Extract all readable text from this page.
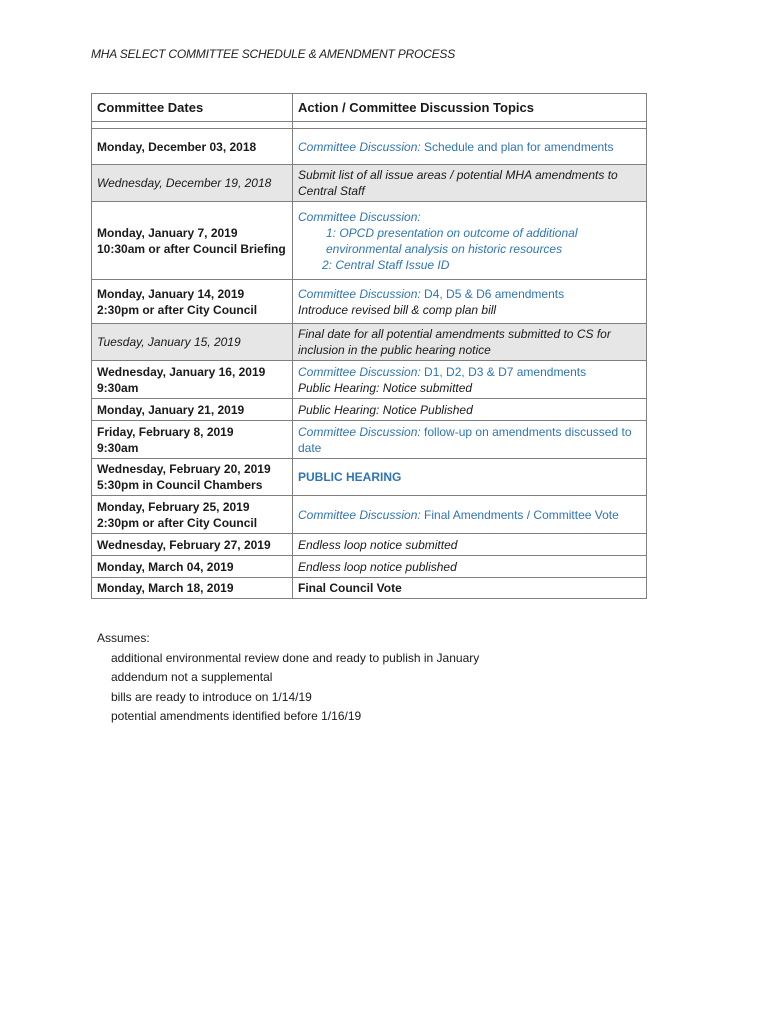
MHA SELECT COMMITTEE SCHEDULE & AMENDMENT PROCESS
Committee Dates	Action / Committee Discussion Topics

Monday, December 03, 2018	Committee Discussion: Schedule and plan for amendments
Wednesday, December 19, 2018	Submit list of all issue areas / potential MHA amendments to Central Staff
Monday, January 7, 2019
10:30am or after Council Briefing	Committee Discussion:
1: OPCD presentation on outcome of additional environmental analysis on historic resources
2: Central Staff Issue ID

Monday, January 14, 2019
2:30pm or after City Council	Committee Discussion: D4, D5 & D6 amendments
Introduce revised bill & comp plan bill
Tuesday, January 15, 2019	Final date for all potential amendments submitted to CS for inclusion in the public hearing notice
Wednesday, January 16, 2019
9:30am	Committee Discussion: D1, D2, D3 & D7 amendments
Public Hearing: Notice submitted
Monday, January 21, 2019	Public Hearing: Notice Published
Friday, February 8, 2019
9:30am	Committee Discussion: follow-up on amendments discussed to date
Wednesday, February 20, 2019
5:30pm in Council Chambers	PUBLIC HEARING
Monday, February 25, 2019
2:30pm or after City Council	Committee Discussion: Final Amendments / Committee Vote
Wednesday, February 27, 2019	Endless loop notice submitted
Monday, March 04, 2019	Endless loop notice published
Monday, March 18, 2019	Final Council Vote
Assumes:
additional environmental review done and ready to publish in January
addendum not a supplemental
bills are ready to introduce on 1/14/19
potential amendments identified before 1/16/19
